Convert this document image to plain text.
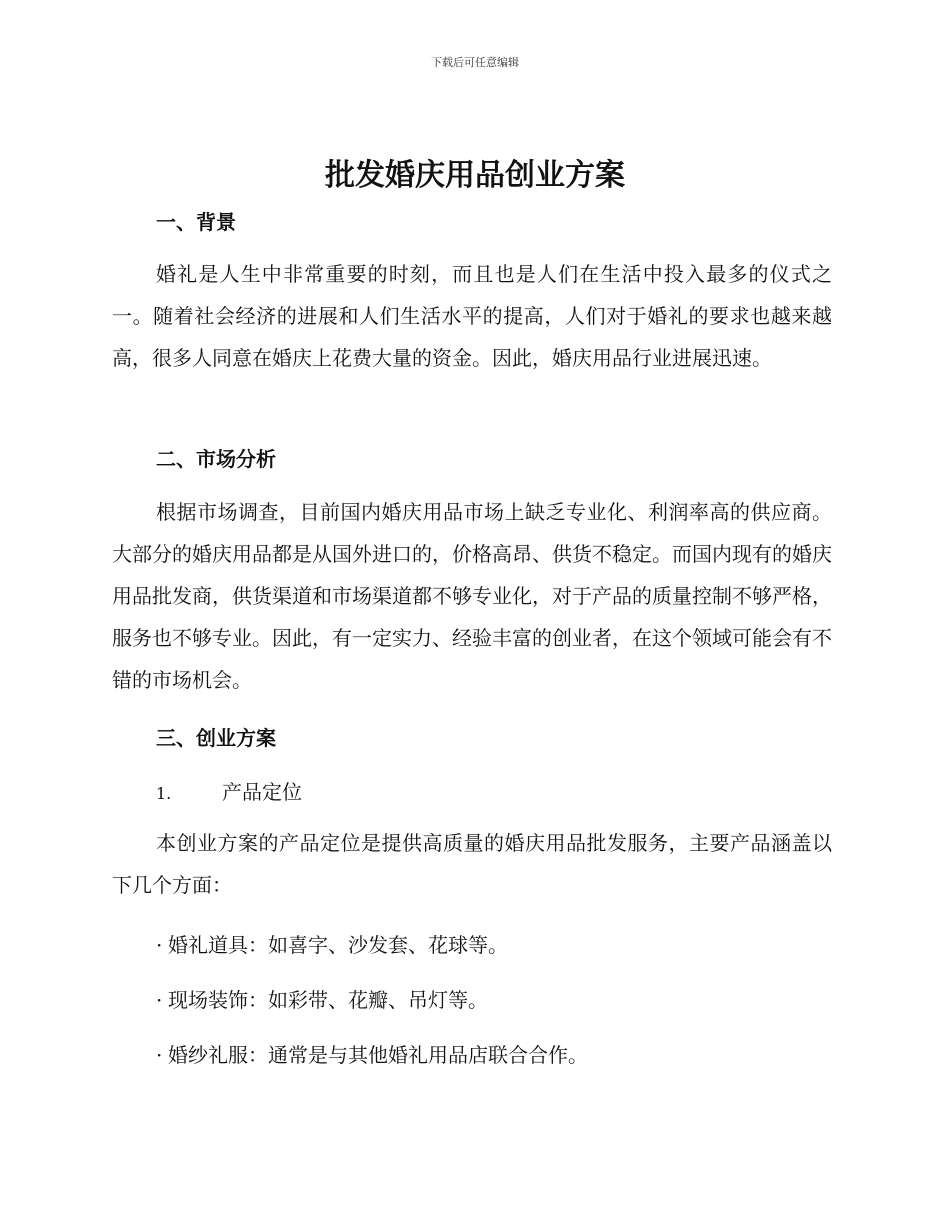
下载后可任意编辑
批发婚庆用品创业方案
一、背景
婚礼是人生中非常重要的时刻，而且也是人们在生活中投入最多的仪式之一。随着社会经济的进展和人们生活水平的提高，人们对于婚礼的要求也越来越高，很多人同意在婚庆上花费大量的资金。因此，婚庆用品行业进展迅速。
二、市场分析
根据市场调查，目前国内婚庆用品市场上缺乏专业化、利润率高的供应商。大部分的婚庆用品都是从国外进口的，价格高昂、供货不稳定。而国内现有的婚庆用品批发商，供货渠道和市场渠道都不够专业化，对于产品的质量控制不够严格，服务也不够专业。因此，有一定实力、经验丰富的创业者，在这个领域可能会有不错的市场机会。
三、创业方案
1.	产品定位
本创业方案的产品定位是提供高质量的婚庆用品批发服务，主要产品涵盖以下几个方面：
· 婚礼道具：如喜字、沙发套、花球等。
· 现场装饰：如彩带、花瓣、吊灯等。
· 婚纱礼服：通常是与其他婚礼用品店联合合作。
